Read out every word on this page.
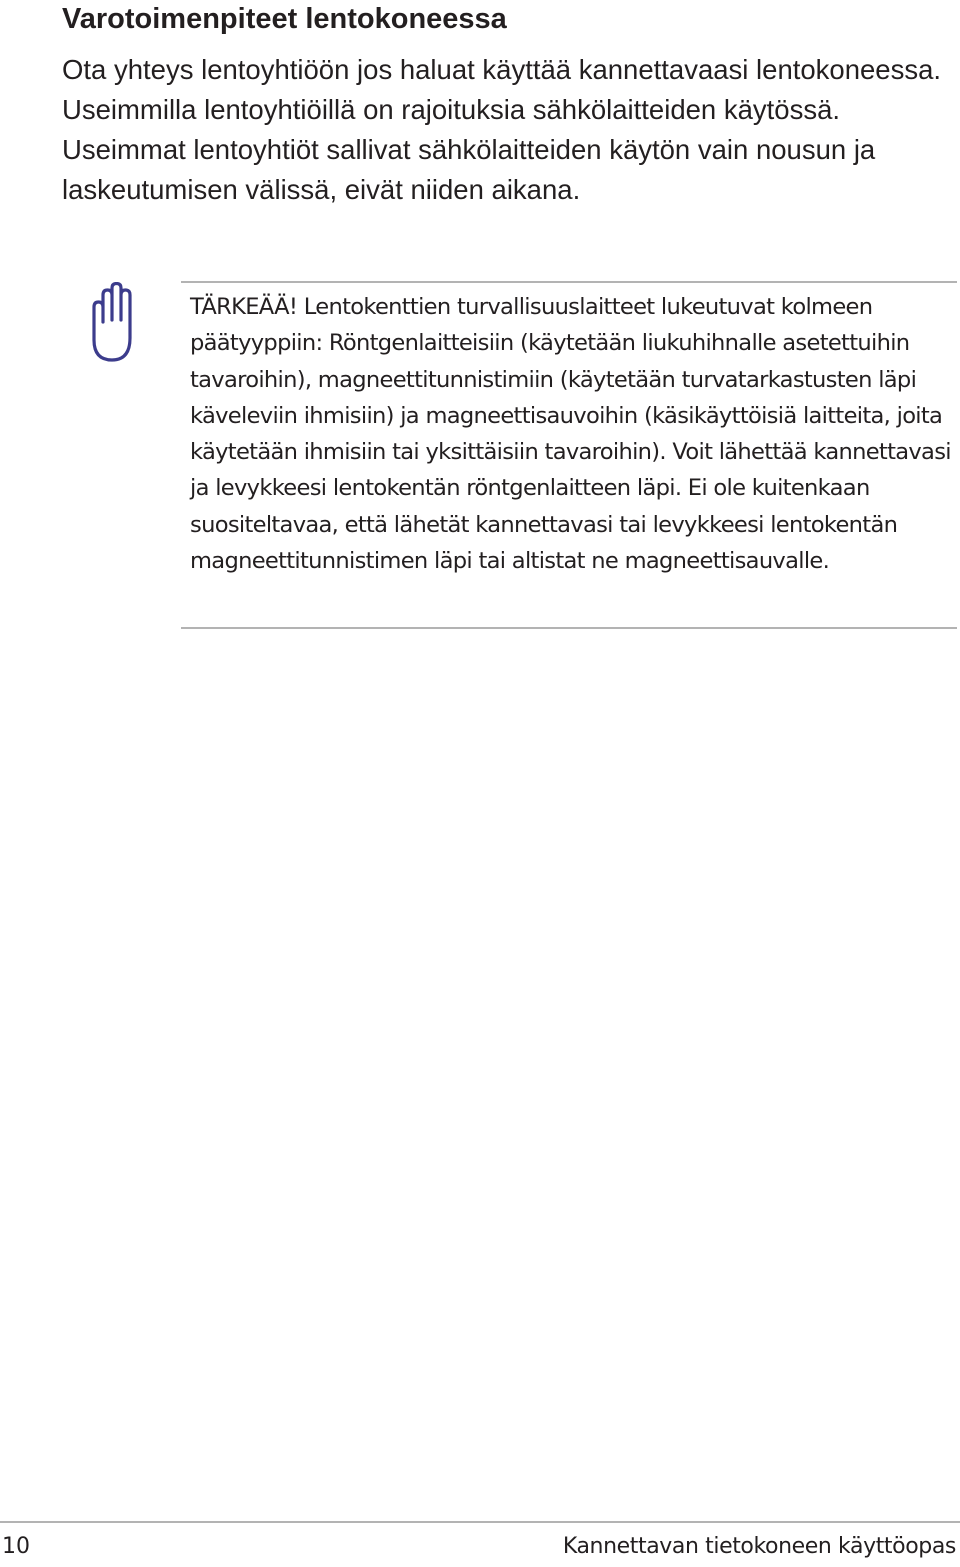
Varotoimenpiteet lentokoneessa

Ota yhteys lentoyhtiöön jos haluat käyttää kannettavaasi lentokoneessa. Useimmilla lentoyhtiöillä on rajoituksia sähkölaitteiden käytössä. Useimmat lentoyhtiöt sallivat sähkölaitteiden käytön vain nousun ja laskeutumisen välissä, eivät niiden aikana.

TÄRKEÄÄ! Lentokenttien turvallisuuslaitteet lukeutuvat kolmeen päätyyppiin: Röntgenlaitteisiin (käytetään liukuhihnalle asetettuihin tavaroihin), magneettitunnistimiin (käytetään turvatarkastusten läpi käveleviin ihmisiin) ja magneettisauvoihin (käsikäyttöisiä laitteita, joita käytetään ihmisiin tai yksittäisiin tavaroihin). Voit lähettää kannettavasi ja levykkeesi lentokentän röntgenlaitteen läpi. Ei ole kuitenkaan suositeltavaa, että lähetät kannettavasi tai levykkeesi lentokentän magneettitunnistimen läpi tai altistat ne magneettisauvalle.

10	Kannettavan tietokoneen käyttöopas
